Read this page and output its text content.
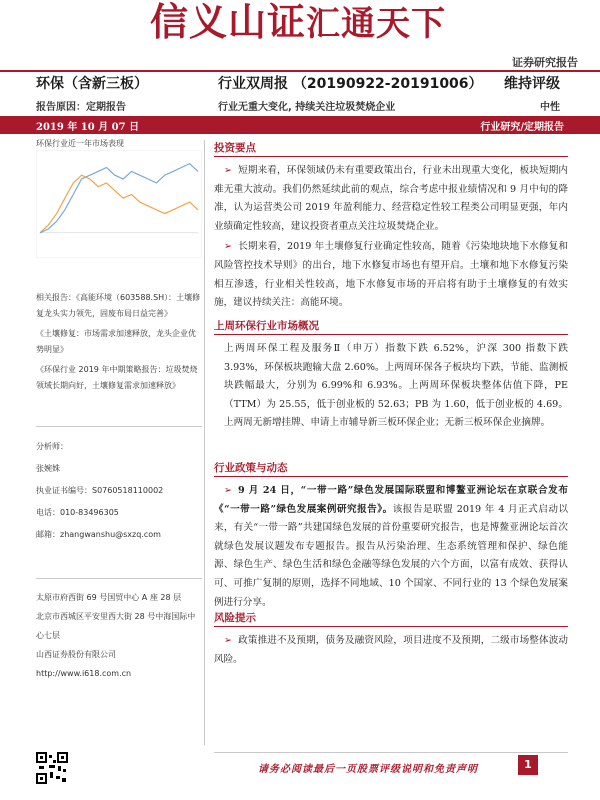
信义山证汇通天下
证券研究报告
环保（含新三板）	行业双周报 （20190922-20191006） 维持评级
报告原因：定期报告	行业无重大变化, 持续关注垃圾焚烧企业	中性
2019 年 10 月 07 日	行业研究/定期报告
环保行业近一年市场表现

相关报告：《高能环境（603588.SH）：土壤修复龙头实力领先，固废布局日益完善》

《土壤修复：市场需求加速释放，龙头企业优势明显》

《环保行业 2019 年中期策略报告：垃圾焚烧领域长期向好，土壤修复需求加速释放》

分析师：
张婉姝
执业证书编号：S0760518110002
电话：010-83496305
邮箱：zhangwanshu@sxzq.com
太原市府西街 69 号国贸中心 A 座 28 层
北京市西城区平安里西大街 28 号中海国际中
心七层
山西证券股份有限公司
http://www.i618.com.cn
投资要点

➢ 短期来看，环保领域仍未有重要政策出台，行业未出现重大变化，板块短期内难无重大波动。我们仍然延续此前的观点，综合考虑中报业绩情况和 9 月中旬的降准，认为运营类公司 2019 年盈利能力、经营稳定性较工程类公司明显更强，年内业绩确定性较高，建议投资者重点关注垃圾焚烧企业。

➢ 长期来看，2019 年土壤修复行业确定性较高，随着《污染地块地下水修复和风险管控技术导则》的出台，地下水修复市场也有望开启。土壤和地下水修复污染相互渗透，行业相关性较高，地下水修复市场的开启将有助于土壤修复的有效实施，建议持续关注：高能环境。

上周环保行业市场概况

上两周环保工程及服务Ⅱ（申万）指数下跌 6.52%，沪深 300 指数下跌 3.93%，环保板块跑输大盘 2.60%。上两周环保各子板块均下跌，节能、监测板块跌幅最大，分别为 6.99%和 6.93%。上两周环保板块整体估值下降，PE（TTM）为 25.55，低于创业板的 52.63；PB 为 1.60，低于创业板的 4.69。上两周无新增挂牌、申请上市辅导新三板环保企业；无新三板环保企业摘牌。

行业政策与动态

➢ 9 月 24 日，“一带一路”绿色发展国际联盟和博鳌亚洲论坛在京联合发布《“一带一路”绿色发展案例研究报告》。该报告是联盟 2019 年 4 月正式启动以来，有关“一带一路”共建国绿色发展的首份重要研究报告，也是博鳌亚洲论坛首次就绿色发展议题发布专题报告。报告从污染治理、生态系统管理和保护、绿色能源、绿色生产、绿色生活和绿色金融等绿色发展的六个方面，以富有成效、获得认可、可推广复制的原则，选择不同地域、10 个国家、不同行业的 13 个绿色发展案例进行分享。

风险提示

➢ 政策推进不及预期，债务及融资风险，项目进度不及预期，二级市场整体波动风险。

请务必阅读最后一页股票评级说明和免责声明	1
